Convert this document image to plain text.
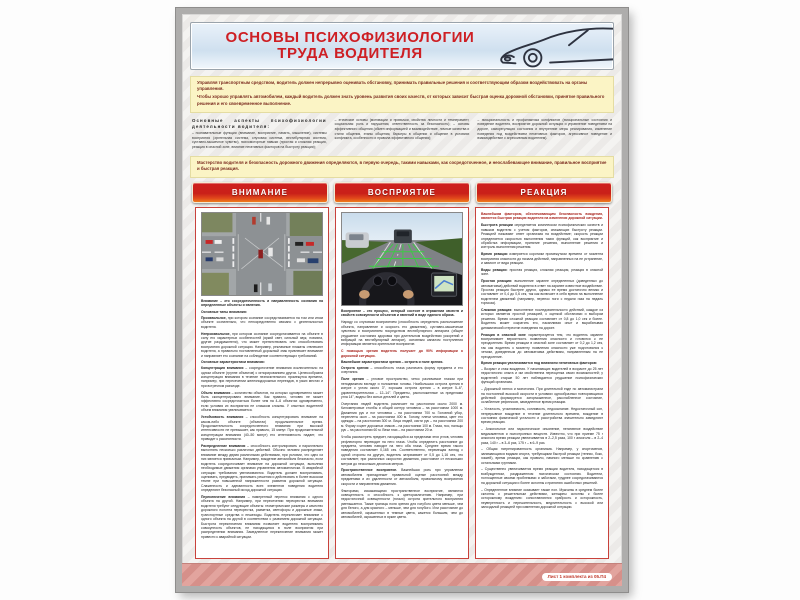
ОСНОВЫ ПСИХОФИЗИОЛОГИИ
ТРУДА ВОДИТЕЛЯ

Управляя транспортным средством, водитель должен непрерывно оценивать обстановку, принимать правильные решения и соответствующим образом воздействовать на органы управления.

Чтобы хорошо управлять автомобилем, каждый водитель должен знать уровень развития своих качеств, от которых зависит быстрая оценка дорожной обстановки, принятие правильного решения и его своевременное выполнение.

Основные аспекты психофизиологии деятельности водителя:
– познавательные функции (внимание, восприятие, память, мышление), системы восприятия (зрительная система, слуховая система, вестибулярная система, суставно-мышечное чувство), психомоторные навыки (простая и сложная реакция, реакция в опасной зоне, влияние негативных факторов на быстроту реакции);
– этические основы (мотивации и привычки, свойства личности и темперамент, социальная роль и нарушения, ответственность за безопасность); – основы эффективного общения (обмен информацией и взаимодействие, личные качества и стили общения, этапы общения, барьеры в общении и общение в условиях конфликта, особенности и правила эффективного общения);
– эмоциональность и профилактика конфликтов (эмоциональные состояния и поведение водителя, восприятие дорожной ситуации и управление поведением на дороге, саморегуляция состояния и внутренние меры реагирования, изменение поведения под воздействием негативных факторов, агрессивное поведение и взаимодействие с агрессивным водителем).

Мастерство водителя и безопасность дорожного движения определяются, в первую очередь, такими навыками, как сосредоточенное, и неослабевающее внимание, правильное восприятие и быстрая реакция.

ВНИМАНИЕ	ВОСПРИЯТИЕ	РЕАКЦИЯ

Внимание – это сосредоточенность и направленность сознания на определенные объекты и явления.

Основные типы внимания:

Произвольное, при котором сознание сосредотачивается на том или ином объекте сознательно, что непосредственно связано с деятельностью водителя.

Непроизвольное, при котором сознание сосредотачивается на объекте в силу его характерных особенностей (яркий свет, сильный звук, новизна, другие раздражители), что может препятствовать или способствовать восприятию дорожной ситуации. Например, рекламные плакаты отвлекают водителя, а правильно поставленный дорожный знак привлекает внимание и направляет его сознание на соблюдение соответствующих требований.

Основные характеристики внимания:

Концентрация внимания – сосредоточение внимания исключительно на одном объекте (группе объектов) с игнорированием других. Целесообразна концентрация внимания в течение незначительного промежутка времени, например, при пересечении железнодорожных переездов, в узких местах и при встречном разъезде.

Объем внимания – количество объектов, на которых одновременно может быть сконцентрировано внимание. Как правило, человек не может эффективно сосредоточиться более чем на 4–6 объектах одновременно, если условия их восприятия не слишком сложны. У опытных водителей объем внимания увеличивается.

Устойчивость внимания – способность концентрировать внимание на каком-либо объекте (объектах) продолжительное время. Продолжительность сосредоточенного внимания при высокой интенсивности не превышает, как правило, 15 минут. При продолжительной концентрации внимания (40–50 минут) его интенсивность падает, что приводит к рассеянности.

Распределение внимания – способность контролировать и параллельно выполнять несколько различных действий. Обычно человек распределяет внимание между двумя различными действиями, при условии, что одно из них является привычным. Например, вождение автомобиля безопасно, если водитель сосредоточивает внимание на дорожной ситуации, выполняя необходимые движения органами управления автоматически. В аварийной ситуации требования увеличиваются. Водитель должен воспринимать, оценивать, предвидеть, принимать решения и действовать в более высоком темпе при повышенной напряженности развития дорожной ситуации. Слаженность и адекватность всех элементов поведения водителя определяют безопасный исход дорожной ситуации.

Переключение внимания – намеренный перенос внимания с одного объекта на другой. Например, при пересечении перекрестка внимания водителя требуют следующие объекты: геометрические размеры и качество дорожного полотна перекрестка, разметка, светофоры и дорожные знаки, транспортные средства и пешеходы. Водитель переключает внимание с одного объекта на другой в соответствии с развитием дорожной ситуации. Быстрота переключения внимания позволяет водителю воспринимать совокупность объектов, не находящихся в поле восприятия при распределении внимания. Замедленное переключение внимания может привести к аварийной ситуации.

Восприятие – это процесс, который состоит в отражении качеств и свойств совокупности объектов и явлений в виде единого образа.

Наряду со слуховым восприятием (способность определять расположение объекта, направление и скорость его движения), суставно-мышечным чувством и восприятием посредством вестибулярного аппарата (общее ухудшение состояния здоровья при длительном воздействии ускорений и вибраций на вестибулярный аппарат), основным каналом поступления информации является зрительное восприятие.

С помощью зрения водитель получает до 90% информации о дорожной ситуации.

Важнейшие характеристики зрения – острота и поле зрения.

Острота зрения – способность глаза различать форму предмета и его очертания.

Поле зрения – угловое пространство, четко различимое глазом при неподвижном взгляде и положении головы. Наибольшая острота зрения в конусе с углом около 3°, хорошая острота зрения – в конусе 5–6°, удовлетворительная – 12–14°. Предметы, расположенные за пределами угла 14°, видны без ясных деталей и цвета.

Очертания людей водитель различает на расстоянии около 2000 м. Километровые столбы и общий контур человека – на расстоянии 1000 м. Движения рук и ног человека – на расстоянии 700 м. Головной убор, переплеты окон – на расстоянии 400 м. Голову, плечи человека, цвет его одежды – на расстоянии 300 м. Лица людей, кисти рук – на расстоянии 200 м. Форму и цвет дорожных знаков – на расстоянии 100 м. Глаза, нос, пальцы рук – на расстоянии 60 м. Веки глаз – на расстоянии 20 м.

Чтобы рассмотреть предмет, находящийся за пределами этих углов, человек рефлекторно переводит на него глаза. Чтобы определить расстояние до предмета, человек наводит на него оба глаза. Среднее время такого наведения составляет 0,165 сек. Соответственно, перемещая взгляд с одной стороны на другую, водитель затрачивает от 0,5 до 1,16 сек, что составляет, при различных скоростях движения, расстояние от нескольких метров до нескольких десятков метров.

Пространственное восприятие. Важнейшая роль при управлении автомобилем принадлежит правильной оценке расстояний между предметами и их удаленности от автомобиля, правильному восприятию скорости и направления движения.

Факторами, искажающими пространственное восприятие, являются освещенность и способность к цветоразличению. Например, при недостаточной освещенности (ночью) острота зрительного восприятия уменьшается. Также границы поля зрения для голубого цвета меньше, чем для белого, а для красного – меньше, чем для голубого. Или расстояние до автомобилей, окрашенных в темные цвета, кажется большим, чем до автомобилей, окрашенных в яркие цвета.

Важнейшим фактором, обеспечивающим безопасность вождения, является быстрая реакция водителя на изменения дорожной ситуации.

Быстрота реакции определяется комплексом психофизических качеств и навыков водителя с учетом факторов, снижающих быстроту реакции. Реакцией называют ответ организма на воздействие; скорость реакции определяется скоростью выполнения таких функций, как восприятие и обработка информации, принятие решения, выполнение решения и контроль выполнения решения.

Время реакции измеряется коротким промежутком времени от момента восприятия опасности до начала действий, направленных на ее устранение, и зависит от вида реакции.

Виды реакции: простая реакция, сложная реакция, реакция в опасной зоне.

Простая реакция: выполнение заранее определенных (доведенных до автоматизма) действий водителя в ответ на заранее известное воздействие. Простая реакция быстрее других, однако ее время достаточно велико и составляет от 0,4 до 0,6 сек, так как включает в себя время на выполнение водителем движений (например, перенос ноги с педали газа на педаль тормоза).

Сложная реакция: выполнение последовательности действий, каждое из которых является простой реакцией, с оценкой обстановки и выбором решения. Время сложной реакции составляет от 0,8 до 1,0 сек и более. Водитель может сократить его, накапливая опыт и вырабатывая динамический стереотип поведения на дороге.

Реакция в опасной зоне характеризуется тем, что водитель заранее воспринимает вероятность появления опасности и готовится к ее преодолению. Время реакции в опасной зоне составляет от 0,2 до 1,2 сек, так как водитель к моменту появления опасности уже подготовился к четким, доведенным до автоматизма действиям, направленным на ее преодоление.

Время реакции увеличивается под влиянием негативных факторов:

– Возраст и стаж вождения. У начинающих водителей в возрасте до 25 лет недостаточно опыта и им свойственна переоценка своих возможностей; у водителей старше 50 лет наблюдается ухудшение психофизических функций организма.

– Дорожный гипноз и монотония. При длительной езде по автомагистрали на постоянной высокой скорости в условиях однообразных повторяющихся действий формируется заторможенное, расслабленное состояние, ослабление рефлексов, замедленное время реакции.

– Усталость, утомляемость, сонливость, недосыпание. Недостаточный сон, непрерывное вождение в течение длительного времени, вождение в состоянии физической усталости и расстройства значительно замедляют время реакции.

– Алкогольное или наркотическое опьянение, негативное воздействие медикаментов и психотропных веществ. Известно, что при приеме 75 г алкоголя время реакции увеличивается в 2–2,5 раза, 100 г алкоголя – в 2–4 раза, 140 г – в 3–6 раз, 175 г – в 6–9 раз.

– Общая натренированность организма. Например, у спортсменов, занимающихся видами спорта, требующими быстрой реакции (теннис, бокс, хоккей), время реакции, как правило, намного меньше по сравнению с остальными группами.

– Существенно увеличивается время реакции водителя, находящегося в возбужденном, раздраженном психическом состоянии. Водители, поглощенные своими проблемами и заботами, труднее сосредотачиваются на дорожной ситуации и более склонны к принятию ошибочных решений.

– Определенное влияние оказывает также пол. Мужчины в среднем более склонны к решительным действиям, женщины склонны к более осторожному вождению: сопоставляются храбрость и осторожность, неуверенность и нерешительность, медлительность с высокой или запоздалой реакцией при изменении дорожной ситуации.

Лист 1 комплекта из 05.П4
